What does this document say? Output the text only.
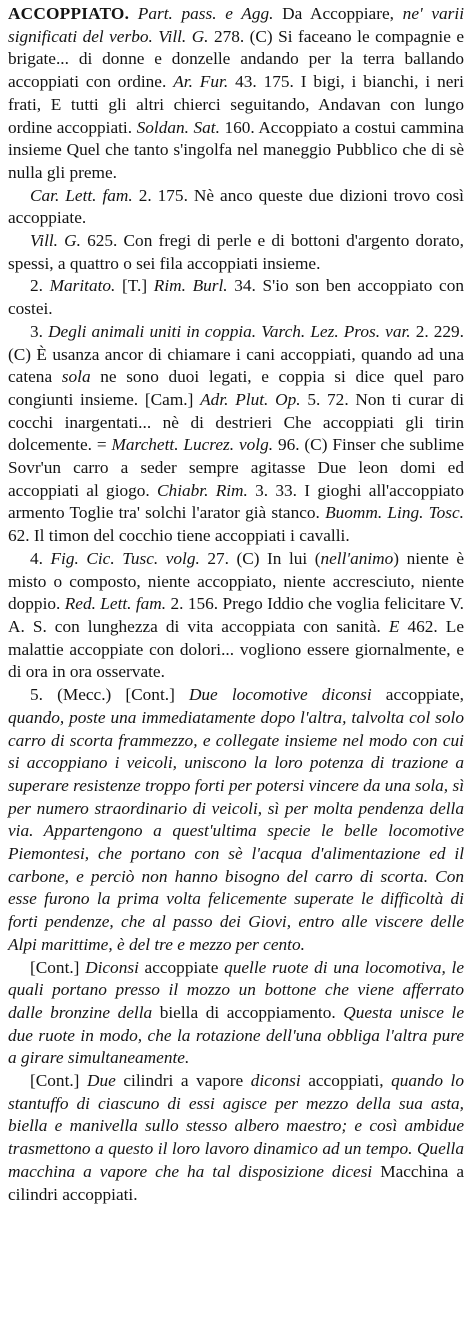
ACCOPPIATO. Part. pass. e Agg. Da Accoppiare, ne' varii significati del verbo. Vill. G. 278. (C) Si faceano le compagnie e brigate... di donne e donzelle andando per la terra ballando accoppiati con ordine. Ar. Fur. 43. 175. I bigi, i bianchi, i neri frati, E tutti gli altri chierci seguitando, Andavan con lungo ordine accoppiati. Soldan. Sat. 160. Accoppiato a costui cammina insieme Quel che tanto s'ingolfa nel maneggio Pubblico che di sè nulla gli preme.

Car. Lett. fam. 2. 175. Nè anco queste due dizioni trovo così accoppiate.

Vill. G. 625. Con fregi di perle e di bottoni d'argento dorato, spessi, a quattro o sei fila accoppiati insieme.

2. Maritato. [T.] Rim. Burl. 34. S'io son ben accoppiato con costei.

3. Degli animali uniti in coppia. Varch. Lez. Pros. var. 2. 229. (C) È usanza ancor di chiamare i cani accoppiati, quando ad una catena sola ne sono duoi legati, e coppia si dice quel paro congiunti insieme. [Cam.] Adr. Plut. Op. 5. 72. Non ti curar di cocchi inargentati... nè di destrieri Che accoppiati gli tirin dolcemente. = Marchett. Lucrez. volg. 96. (C) Finser che sublime Sovr'un carro a seder sempre agitasse Due leon domi ed accoppiati al giogo. Chiabr. Rim. 3. 33. I gioghi all'accoppiato armento Toglie tra' solchi l'arator già stanco. Buomm. Ling. Tosc. 62. Il timon del cocchio tiene accoppiati i cavalli.

4. Fig. Cic. Tusc. volg. 27. (C) In lui (nell'animo) niente è misto o composto, niente accoppiato, niente accresciuto, niente doppio. Red. Lett. fam. 2. 156. Prego Iddio che voglia felicitare V. A. S. con lunghezza di vita accoppiata con sanità. E 462. Le malattie accoppiate con dolori... vogliono essere giornalmente, e di ora in ora osservate.

5. (Mecc.) [Cont.] Due locomotive diconsi accoppiate, quando, poste una immediatamente dopo l'altra, talvolta col solo carro di scorta frammezzo, e collegate insieme nel modo con cui si accoppiano i veicoli, uniscono la loro potenza di trazione a superare resistenze troppo forti per potersi vincere da una sola, sì per numero straordinario di veicoli, sì per molta pendenza della via. Appartengono a quest'ultima specie le belle locomotive Piemontesi, che portano con sè l'acqua d'alimentazione ed il carbone, e perciò non hanno bisogno del carro di scorta. Con esse furono la prima volta felicemente superate le difficoltà di forti pendenze, che al passo dei Giovi, entro alle viscere delle Alpi marittime, è del tre e mezzo per cento.

[Cont.] Diconsi accoppiate quelle ruote di una locomotiva, le quali portano presso il mozzo un bottone che viene afferrato dalle bronzine della biella di accoppiamento. Questa unisce le due ruote in modo, che la rotazione dell'una obbliga l'altra pure a girare simultaneamente.

[Cont.] Due cilindri a vapore diconsi accoppiati, quando lo stantuffo di ciascuno di essi agisce per mezzo della sua asta, biella e manivella sullo stesso albero maestro; e così ambidue trasmettono a questo il loro lavoro dinamico ad un tempo. Quella macchina a vapore che ha tal disposizione dicesi Macchina a cilindri accoppiati.
